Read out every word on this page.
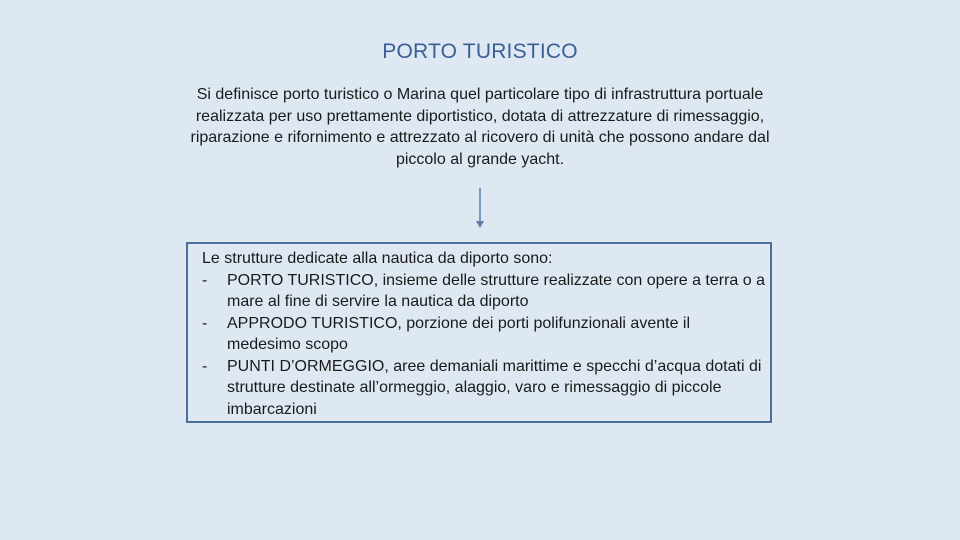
PORTO TURISTICO
Si definisce porto turistico o Marina quel particolare tipo di infrastruttura portuale realizzata per uso prettamente diportistico, dotata di attrezzature di rimessaggio, riparazione e rifornimento e attrezzato al ricovero di unità che possono andare dal piccolo al grande yacht.
Le strutture dedicate alla nautica da diporto sono:
- PORTO TURISTICO, insieme delle strutture realizzate con opere a terra o a mare al fine di servire la nautica da diporto
- APPRODO TURISTICO, porzione dei porti polifunzionali avente il medesimo scopo
- PUNTI D’ORMEGGIO, aree demaniali marittime e specchi d’acqua dotati di strutture destinate all’ormeggio, alaggio, varo e rimessaggio di piccole imbarcazioni
